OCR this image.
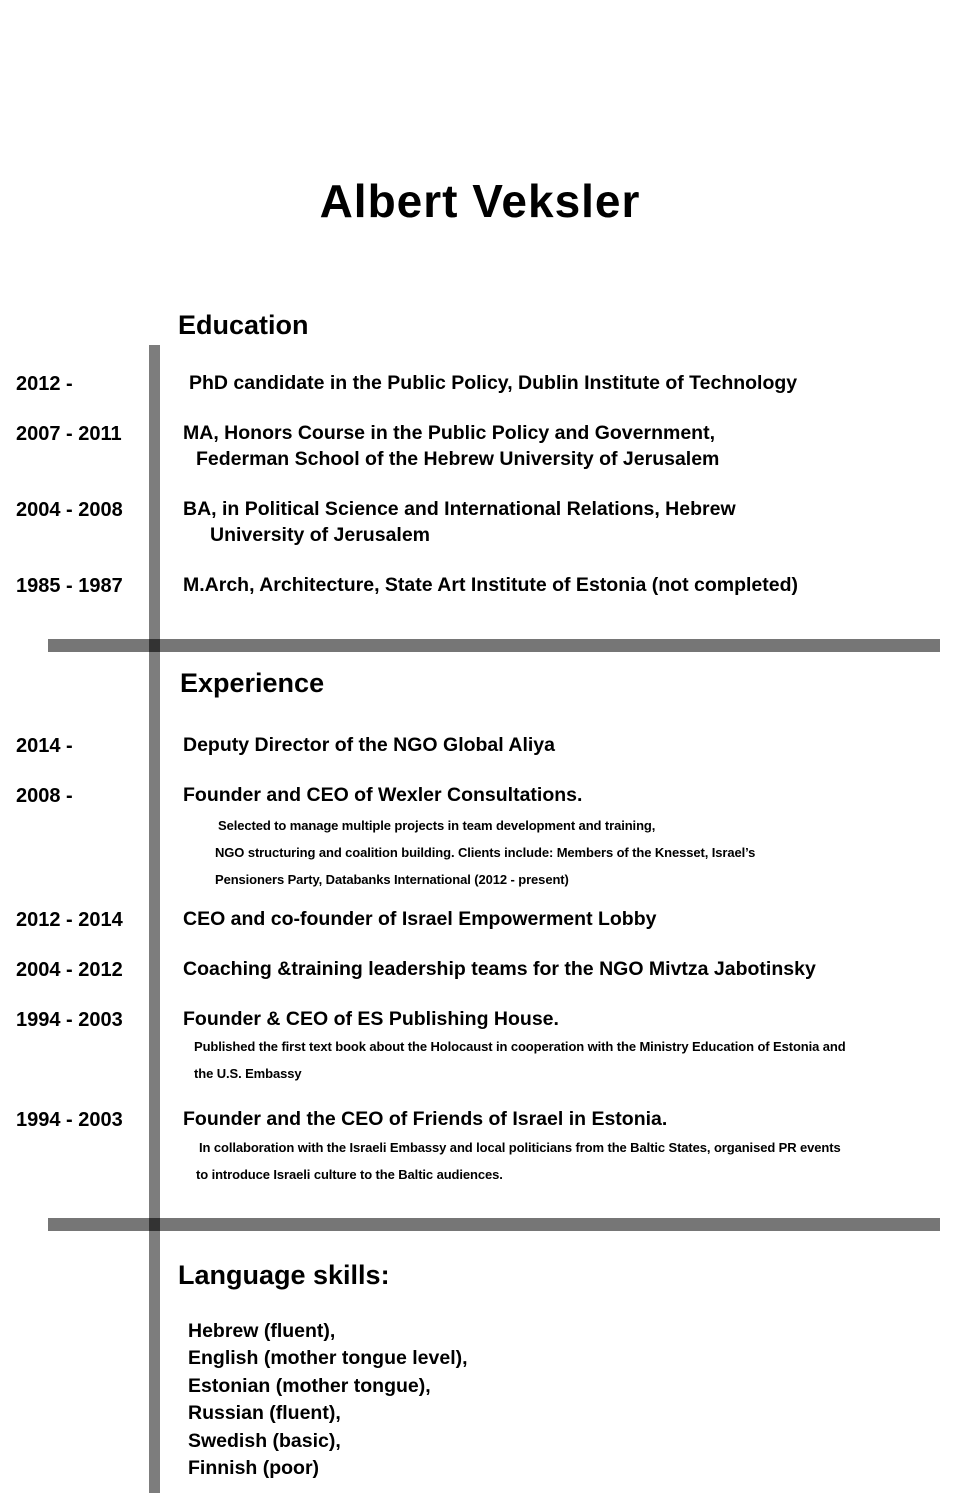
Albert Veksler
Education
2012 -	PhD candidate in the Public Policy, Dublin Institute of Technology
2007 - 2011	MA, Honors Course in the Public Policy and Government,
Federman School of the Hebrew University of Jerusalem
2004 - 2008	BA, in Political Science and International Relations, Hebrew
University of Jerusalem
1985 - 1987	M.Arch, Architecture, State Art Institute of Estonia (not completed)
Experience
2014 -	Deputy Director of the NGO Global Aliya
2008 -	Founder and CEO of Wexler Consultations.
Selected to manage multiple projects in team development and training,
NGO structuring and coalition building. Clients include: Members of the Knesset, Israel’s
Pensioners Party, Databanks International (2012 - present)
2012 - 2014	CEO and co-founder of Israel Empowerment Lobby
2004 - 2012	Coaching &training leadership teams for the NGO Mivtza Jabotinsky
1994 - 2003	Founder & CEO of ES Publishing House.
Published the first text book about the Holocaust in cooperation with the Ministry Education of Estonia and
the U.S. Embassy
1994 - 2003	Founder and the CEO of Friends of Israel in Estonia.
In collaboration with the Israeli Embassy and local politicians from the Baltic States, organised PR events
to introduce Israeli culture to the Baltic audiences.
Language skills:
Hebrew (fluent),
English (mother tongue level),
Estonian (mother tongue),
Russian (fluent),
Swedish (basic),
Finnish (poor)
